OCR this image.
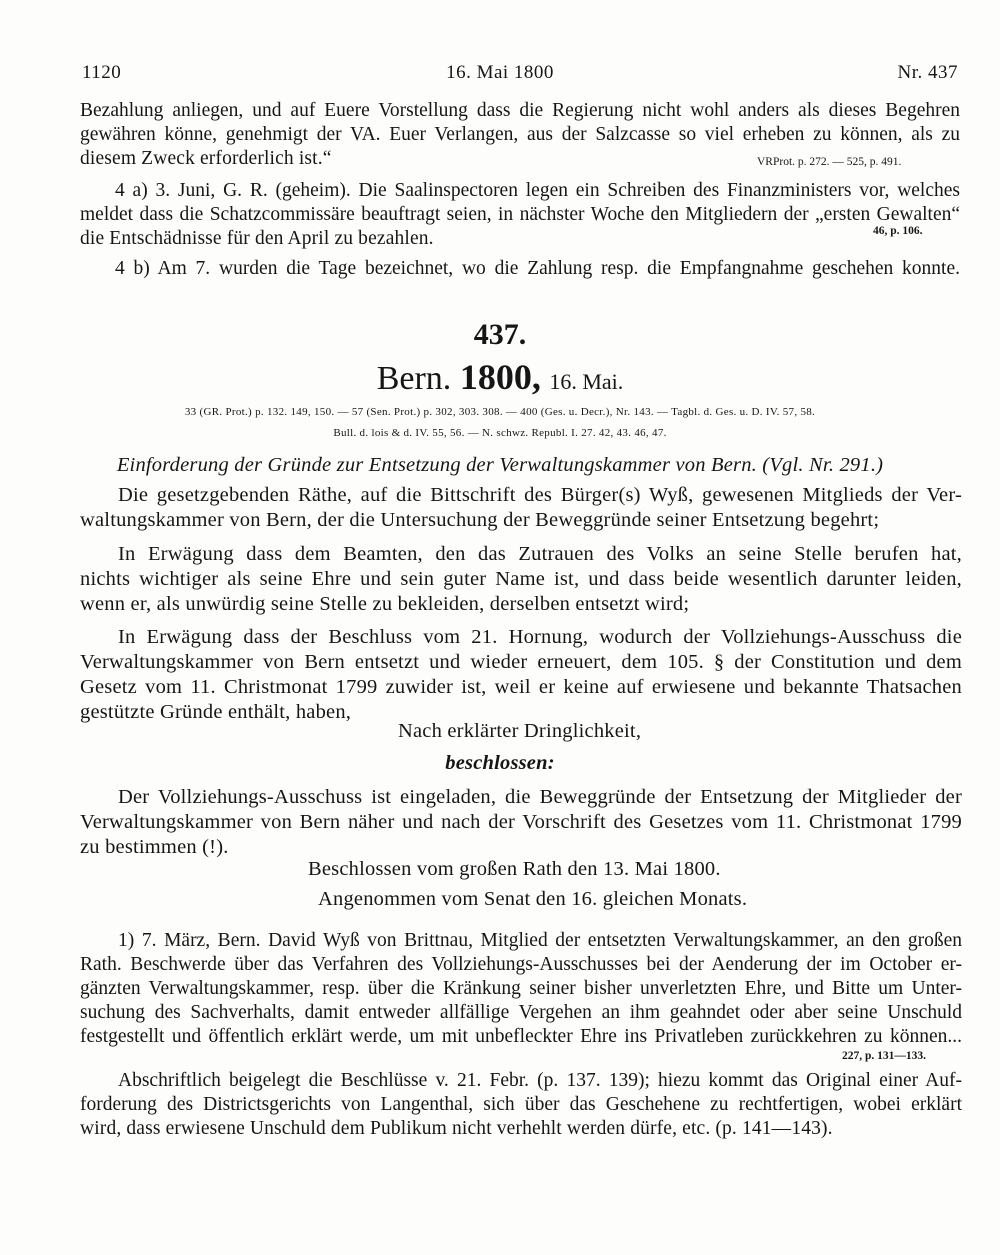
1120	16. Mai 1800	Nr. 437
Bezahlung anliegen, und auf Euere Vorstellung dass die Regierung nicht wohl anders als dieses Begehren
gewähren könne, genehmigt der VA. Euer Verlangen, aus der Salzcasse so viel erheben zu können, als zu
diesem Zweck erforderlich ist.“	VRProt. p. 272. — 525, p. 491.
4 a) 3. Juni, G. R. (geheim). Die Saalinspectoren legen ein Schreiben des Finanzministers vor, welches
meldet dass die Schatzcommissäre beauftragt seien, in nächster Woche den Mitgliedern der „ersten Gewalten“
die Entschädnisse für den April zu bezahlen.	46, p. 106.
4 b) Am 7. wurden die Tage bezeichnet, wo die Zahlung resp. die Empfangnahme geschehen konnte.
437.
Bern. 1800, 16. Mai.
33 (GR. Prot.) p. 132. 149, 150. — 57 (Sen. Prot.) p. 302, 303. 308. — 400 (Ges. u. Decr.), Nr. 143. — Tagbl. d. Ges. u. D. IV. 57, 58.
Bull. d. lois & d. IV. 55, 56. — N. schwz. Republ. I. 27. 42, 43. 46, 47.
Einforderung der Gründe zur Entsetzung der Verwaltungskammer von Bern. (Vgl. Nr. 291.)
Die gesetzgebenden Räthe, auf die Bittschrift des Bürger(s) Wyß, gewesenen Mitglieds der Ver-
waltungskammer von Bern, der die Untersuchung der Beweggründe seiner Entsetzung begehrt;
In Erwägung dass dem Beamten, den das Zutrauen des Volks an seine Stelle berufen hat,
nichts wichtiger als seine Ehre und sein guter Name ist, und dass beide wesentlich darunter leiden,
wenn er, als unwürdig seine Stelle zu bekleiden, derselben entsetzt wird;
In Erwägung dass der Beschluss vom 21. Hornung, wodurch der Vollziehungs-Ausschuss die
Verwaltungskammer von Bern entsetzt und wieder erneuert, dem 105. § der Constitution und dem
Gesetz vom 11. Christmonat 1799 zuwider ist, weil er keine auf erwiesene und bekannte Thatsachen
gestützte Gründe enthält, haben,
Nach erklärter Dringlichkeit,
beschlossen:
Der Vollziehungs-Ausschuss ist eingeladen, die Beweggründe der Entsetzung der Mitglieder der
Verwaltungskammer von Bern näher und nach der Vorschrift des Gesetzes vom 11. Christmonat 1799
zu bestimmen (!).
Beschlossen vom großen Rath den 13. Mai 1800.
Angenommen vom Senat den 16. gleichen Monats.
1) 7. März, Bern. David Wyß von Brittnau, Mitglied der entsetzten Verwaltungskammer, an den großen
Rath. Beschwerde über das Verfahren des Vollziehungs-Ausschusses bei der Aenderung der im October er-
gänzten Verwaltungskammer, resp. über die Kränkung seiner bisher unverletzten Ehre, und Bitte um Unter-
suchung des Sachverhalts, damit entweder allfällige Vergehen an ihm geahndet oder aber seine Unschuld
festgestellt und öffentlich erklärt werde, um mit unbefleckter Ehre ins Privatleben zurückkehren zu können...
227, p. 131—133.
Abschriftlich beigelegt die Beschlüsse v. 21. Febr. (p. 137. 139); hiezu kommt das Original einer Auf-
forderung des Districtsgerichts von Langenthal, sich über das Geschehene zu rechtfertigen, wobei erklärt
wird, dass erwiesene Unschuld dem Publikum nicht verhehlt werden dürfe, etc. (p. 141—143).
